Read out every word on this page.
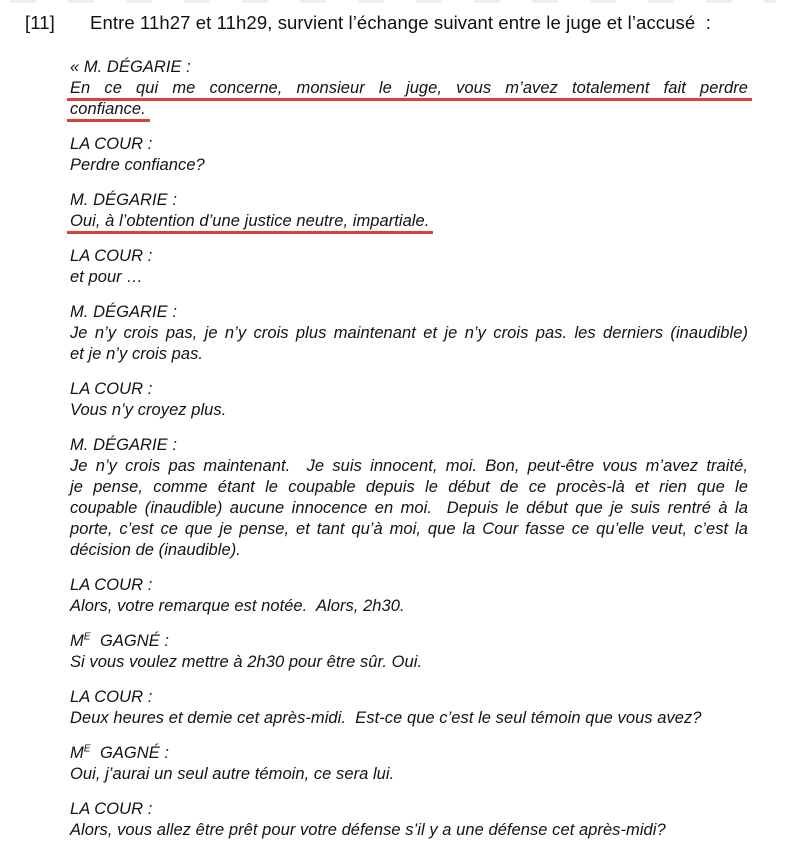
[11]	Entre 11h27 et 11h29, survient l’échange suivant entre le juge et l’accusé  :
« M. DÉGARIE :
En ce qui me concerne, monsieur le juge, vous m’avez totalement fait perdre
confiance.
LA COUR :
Perdre confiance?
M. DÉGARIE :
Oui, à l’obtention d’une justice neutre, impartiale.
LA COUR :
et pour …
M. DÉGARIE :
Je n’y crois pas, je n’y crois plus maintenant et je n’y crois pas. les derniers (inaudible)
et je n’y crois pas.
LA COUR :
Vous n’y croyez plus.
M. DÉGARIE :
Je n’y crois pas maintenant.  Je suis innocent, moi. Bon, peut-être vous m’avez traité,
je pense, comme étant le coupable depuis le début de ce procès-là et rien que le
coupable (inaudible) aucune innocence en moi.  Depuis le début que je suis rentré à la
porte, c’est ce que je pense, et tant qu’à moi, que la Cour fasse ce qu’elle veut, c’est la
décision de (inaudible).
LA COUR :
Alors, votre remarque est notée.  Alors, 2h30.
$M^E$  GAGNÉ :
Si vous voulez mettre à 2h30 pour être sûr. Oui.
LA COUR :
Deux heures et demie cet après-midi.  Est-ce que c’est le seul témoin que vous avez?
$M^E$  GAGNÉ :
Oui, j’aurai un seul autre témoin, ce sera lui.
LA COUR :
Alors, vous allez être prêt pour votre défense s’il y a une défense cet après-midi?
